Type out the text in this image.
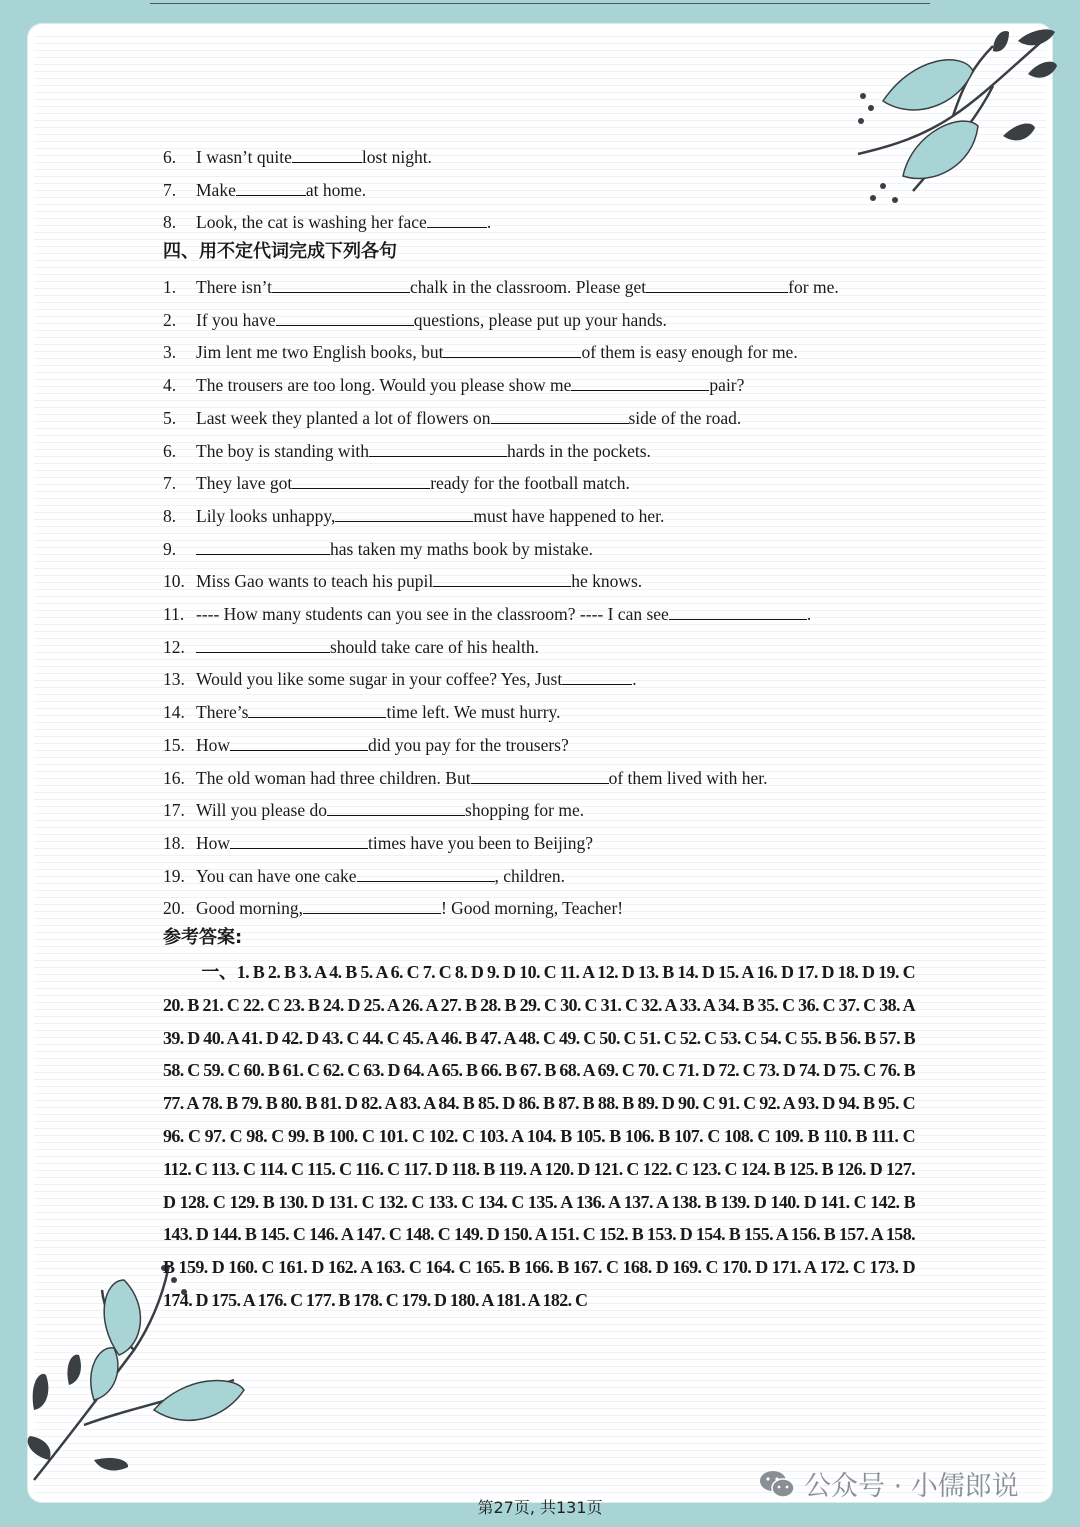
6. I wasn’t quite	lost night.
7. Make	at home.
8. Look, the cat is washing her face	.
四、用不定代词完成下列各句
1. There isn’t	chalk in the classroom. Please get	for me.
2. If you have	questions, please put up your hands.
3. Jim lent me two English books, but	of them is easy enough for me.
4. The trousers are too long. Would you please show me	pair?
5. Last week they planted a lot of flowers on	side of the road.
6. The boy is standing with	hards in the pockets.
7. They lave got	ready for the football match.
8. Lily looks unhappy,	must have happened to her.
9.	has taken my maths book by mistake.
10. Miss Gao wants to teach his pupil	he knows.
11. ---- How many students can you see in the classroom? ---- I can see	.
12.	should take care of his health.
13. Would you like some sugar in your coffee? Yes, Just	.
14. There’s	time left. We must hurry.
15. How	did you pay for the trousers?
16. The old woman had three children. But	of them lived with her.
17. Will you please do	shopping for me.
18. How	times have you been to Beijing?
19. You can have one cake	, children.
20. Good morning,	! Good morning, Teacher!
参考答案:
一、1. B 2. B 3. A 4. B 5. A 6. C 7. C 8. D 9. D 10. C 11. A 12. D 13. B 14. D 15. A 16. D 17. D 18. D 19. C 20. B 21. C 22. C 23. B 24. D 25. A 26. A 27. B 28. B 29. C 30. C 31. C 32. A 33. A 34. B 35. C 36. C 37. C 38. A 39. D 40. A 41. D 42. D 43. C 44. C 45. A 46. B 47. A 48. C 49. C 50. C 51. C 52. C 53. C 54. C 55. B 56. B 57. B 58. C 59. C 60. B 61. C 62. C 63. D 64. A 65. B 66. B 67. B 68. A 69. C 70. C 71. D 72. C 73. D 74. D 75. C 76. B 77. A 78. B 79. B 80. B 81. D 82. A 83. A 84. B 85. D 86. B 87. B 88. B 89. D 90. C 91. C 92. A 93. D 94. B 95. C 96. C 97. C 98. C 99. B 100. C 101. C 102. C 103. A 104. B 105. B 106. B 107. C 108. C 109. B 110. B 111. C 112. C 113. C 114. C 115. C 116. C 117. D 118. B 119. A 120. D 121. C 122. C 123. C 124. B 125. B 126. D 127. D 128. C 129. B 130. D 131. C 132. C 133. C 134. C 135. A 136. A 137. A 138. B 139. D 140. D 141. C 142. B 143. D 144. B 145. C 146. A 147. C 148. C 149. D 150. A 151. C 152. B 153. D 154. B 155. A 156. B 157. A 158. B 159. D 160. C 161. D 162. A 163. C 164. C 165. B 166. B 167. C 168. D 169. C 170. D 171. A 172. C 173. D 174. D 175. A 176. C 177. B 178. C 179. D 180. A 181. A 182. C
公众号 · 小儒郎说
第27页, 共131页
